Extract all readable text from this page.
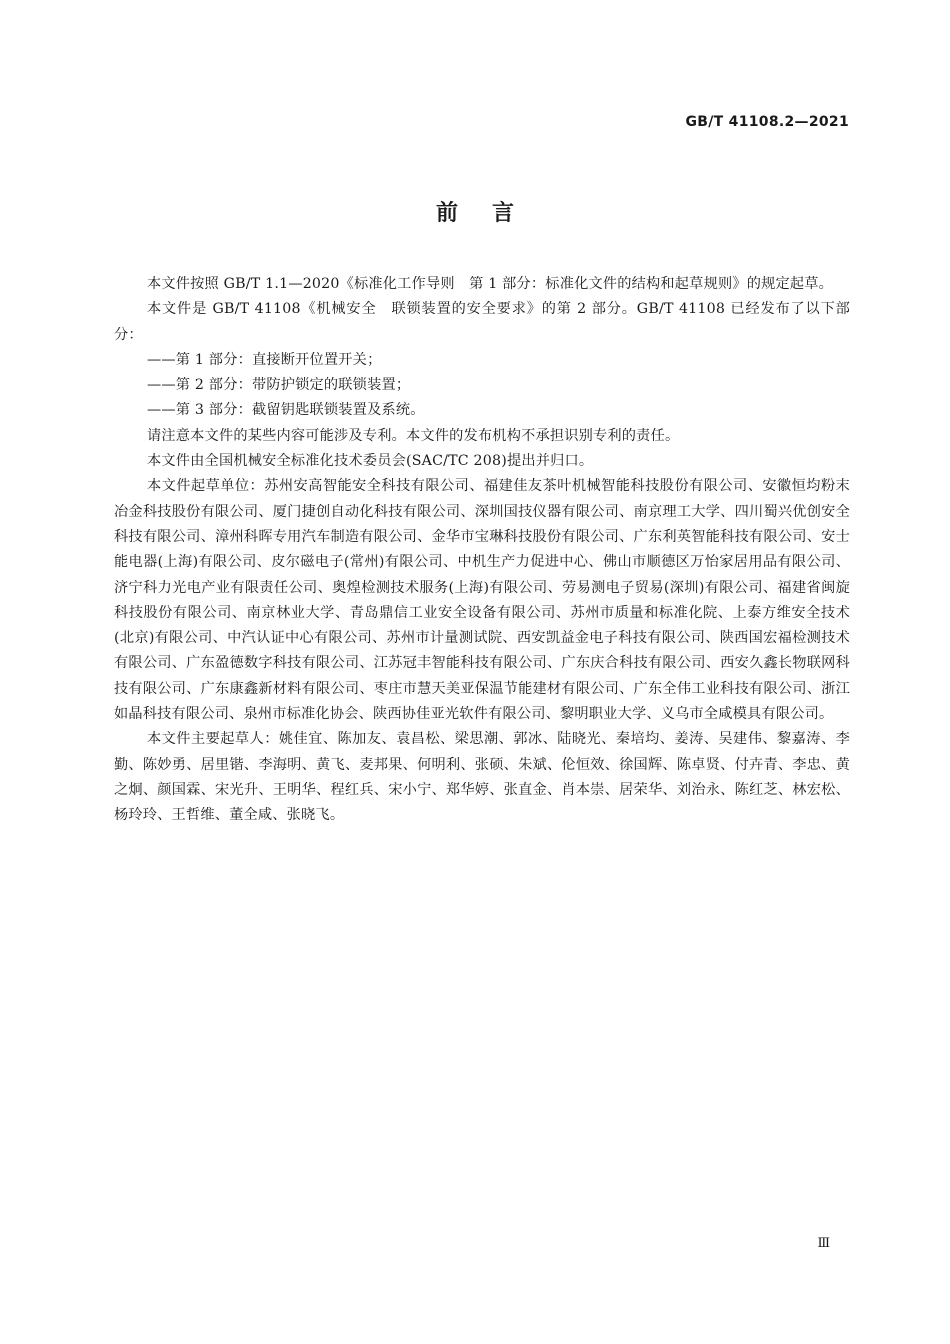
GB/T 41108.2—2021
前言

本文件按照 GB/T 1.1—2020《标准化工作导则　第 1 部分：标准化文件的结构和起草规则》的规定起草。

本文件是 GB/T 41108《机械安全　联锁装置的安全要求》的第 2 部分。GB/T 41108 已经发布了以下部分：

——第 1 部分：直接断开位置开关；

——第 2 部分：带防护锁定的联锁装置；

——第 3 部分：截留钥匙联锁装置及系统。

请注意本文件的某些内容可能涉及专利。本文件的发布机构不承担识别专利的责任。

本文件由全国机械安全标准化技术委员会(SAC/TC 208)提出并归口。

本文件起草单位：苏州安高智能安全科技有限公司、福建佳友茶叶机械智能科技股份有限公司、安徽恒均粉末冶金科技股份有限公司、厦门捷创自动化科技有限公司、深圳国技仪器有限公司、南京理工大学、四川蜀兴优创安全科技有限公司、漳州科晖专用汽车制造有限公司、金华市宝琳科技股份有限公司、广东利英智能科技有限公司、安士能电器(上海)有限公司、皮尔磁电子(常州)有限公司、中机生产力促进中心、佛山市顺德区万怡家居用品有限公司、济宁科力光电产业有限责任公司、奥煌检测技术服务(上海)有限公司、劳易测电子贸易(深圳)有限公司、福建省闽旋科技股份有限公司、南京林业大学、青岛鼎信工业安全设备有限公司、苏州市质量和标准化院、上泰方维安全技术(北京)有限公司、中汽认证中心有限公司、苏州市计量测试院、西安凯益金电子科技有限公司、陕西国宏福检测技术有限公司、广东盈德数字科技有限公司、江苏冠丰智能科技有限公司、广东庆合科技有限公司、西安久鑫长物联网科技有限公司、广东康鑫新材料有限公司、枣庄市慧天美亚保温节能建材有限公司、广东全伟工业科技有限公司、浙江如晶科技有限公司、泉州市标准化协会、陕西协佳亚光软件有限公司、黎明职业大学、义乌市全咸模具有限公司。

本文件主要起草人：姚佳宜、陈加友、袁昌松、梁思潮、郭冰、陆晓光、秦培均、姜涛、吴建伟、黎嘉涛、李勤、陈妙勇、居里锴、李海明、黄飞、麦邦果、何明利、张硕、朱斌、伦恒效、徐国辉、陈卓贤、付卉青、李忠、黄之炯、颜国霖、宋光升、王明华、程红兵、宋小宁、郑华婷、张直金、肖本崇、居荣华、刘治永、陈红芝、林宏松、杨玲玲、王哲维、董全咸、张晓飞。

Ⅲ
